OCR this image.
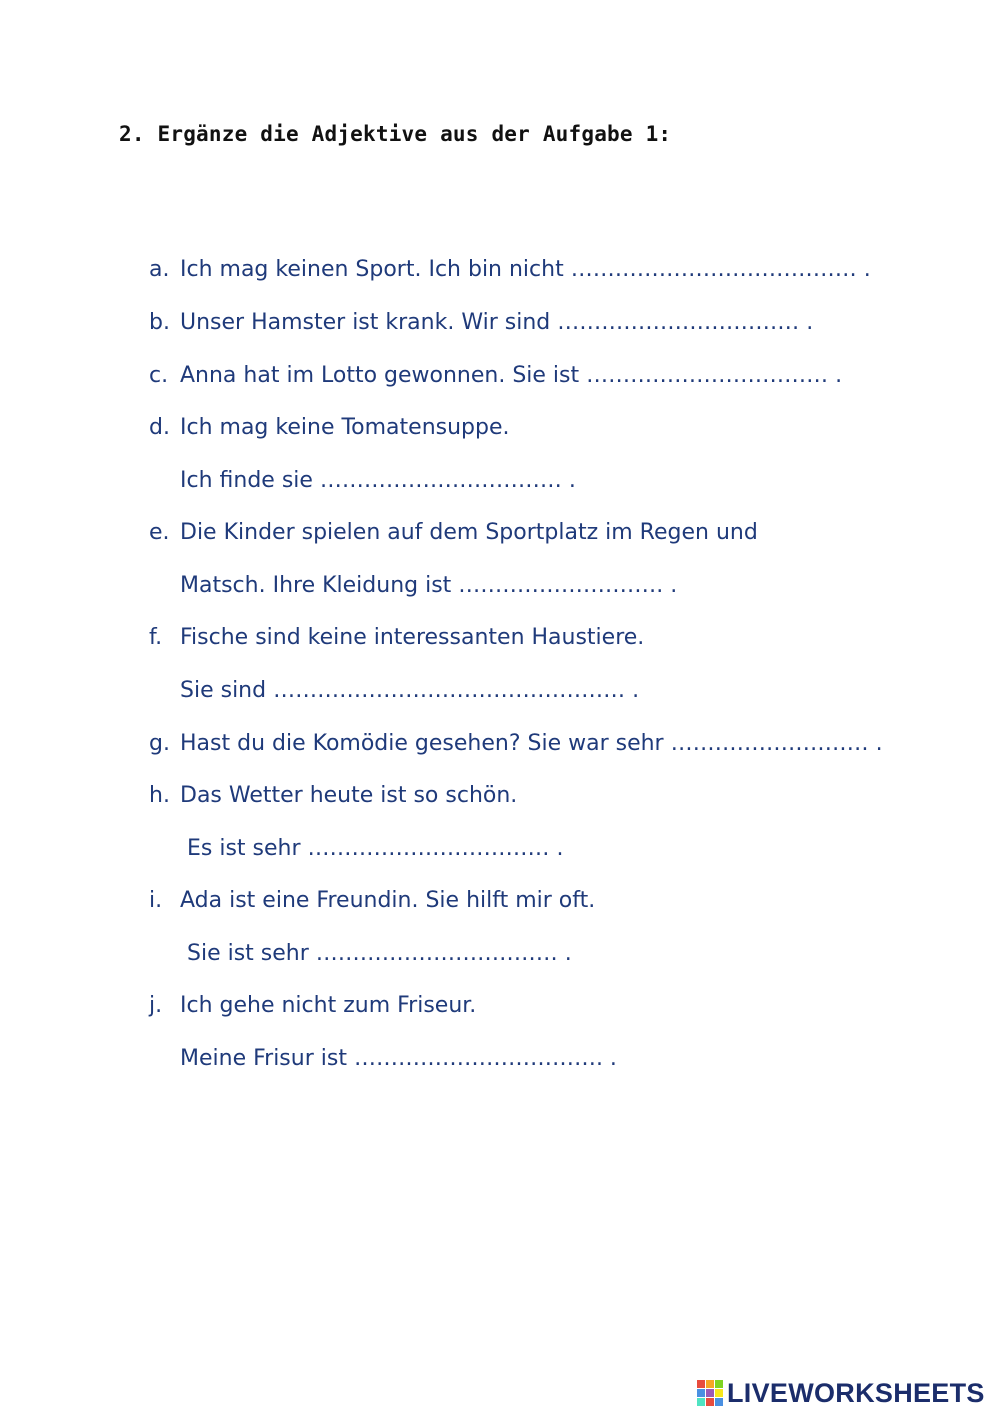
2. Ergänze die Adjektive aus der Aufgabe 1:
a. Ich mag keinen Sport. Ich bin nicht ………………………………… .
b. Unser Hamster ist krank. Wir sind …………………………… .
c. Anna hat im Lotto gewonnen. Sie ist …………………………… .
d. Ich mag keine Tomatensuppe.
Ich finde sie …………………………… .
e. Die Kinder spielen auf dem Sportplatz im Regen und
Matsch. Ihre Kleidung ist ………………………. .
f. Fische sind keine interessanten Haustiere.
Sie sind ………………………………………… .
g. Hast du die Komödie gesehen? Sie war sehr ……………………… .
h. Das Wetter heute ist so schön.
Es ist sehr …………………………… .
i. Ada ist eine Freundin. Sie hilft mir oft.
Sie ist sehr …………………………… .
j. Ich gehe nicht zum Friseur.
Meine Frisur ist ……………………………. .
LIVEWORKSHEETS
